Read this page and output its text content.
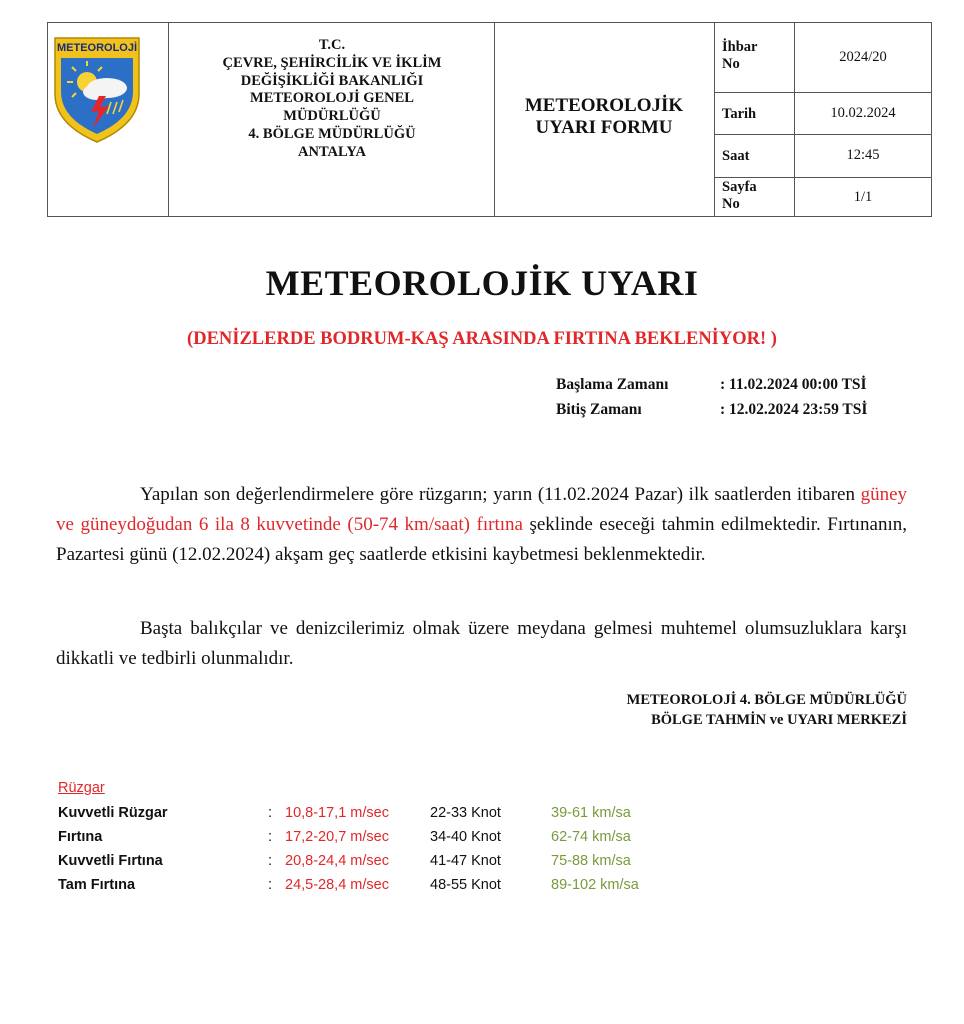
METEOROLOJİ	T.C.
ÇEVRE, ŞEHİRCİLİK VE İKLİM
DEĞİŞİKLİĞİ BAKANLIĞI
METEOROLOJİ GENEL
MÜDÜRLÜĞÜ
4. BÖLGE MÜDÜRLÜĞÜ
ANTALYA
METEOROLOJİK
UYARI FORMU
İhbar
No	2024/20
Tarih	10.02.2024
Saat	12:45
Sayfa
No	1/1
METEOROLOJİK UYARI
(DENİZLERDE BODRUM-KAŞ ARASINDA FIRTINA BEKLENİYOR! )
Başlama Zamanı	: 11.02.2024 00:00 TSİ
Bitiş Zamanı	: 12.02.2024 23:59 TSİ
Yapılan son değerlendirmelere göre rüzgarın; yarın (11.02.2024 Pazar) ilk saatlerden itibaren güney ve güneydoğudan 6 ila 8 kuvvetinde (50-74 km/saat) fırtına şeklinde eseceği tahmin edilmektedir. Fırtınanın, Pazartesi günü (12.02.2024) akşam geç saatlerde etkisini kaybetmesi beklenmektedir.
Başta balıkçılar ve denizcilerimiz olmak üzere meydana gelmesi muhtemel olumsuzluklara karşı dikkatli ve tedbirli olunmalıdır.
METEOROLOJİ 4. BÖLGE MÜDÜRLÜĞÜ
BÖLGE TAHMİN ve UYARI MERKEZİ
Rüzgar
Kuvvetli Rüzgar	: 10,8-17,1 m/sec	22-33 Knot	39-61 km/sa
Fırtına	: 17,2-20,7 m/sec	34-40 Knot	62-74 km/sa
Kuvvetli Fırtına	: 20,8-24,4 m/sec	41-47 Knot	75-88 km/sa
Tam Fırtına	: 24,5-28,4 m/sec	48-55 Knot	89-102 km/sa
